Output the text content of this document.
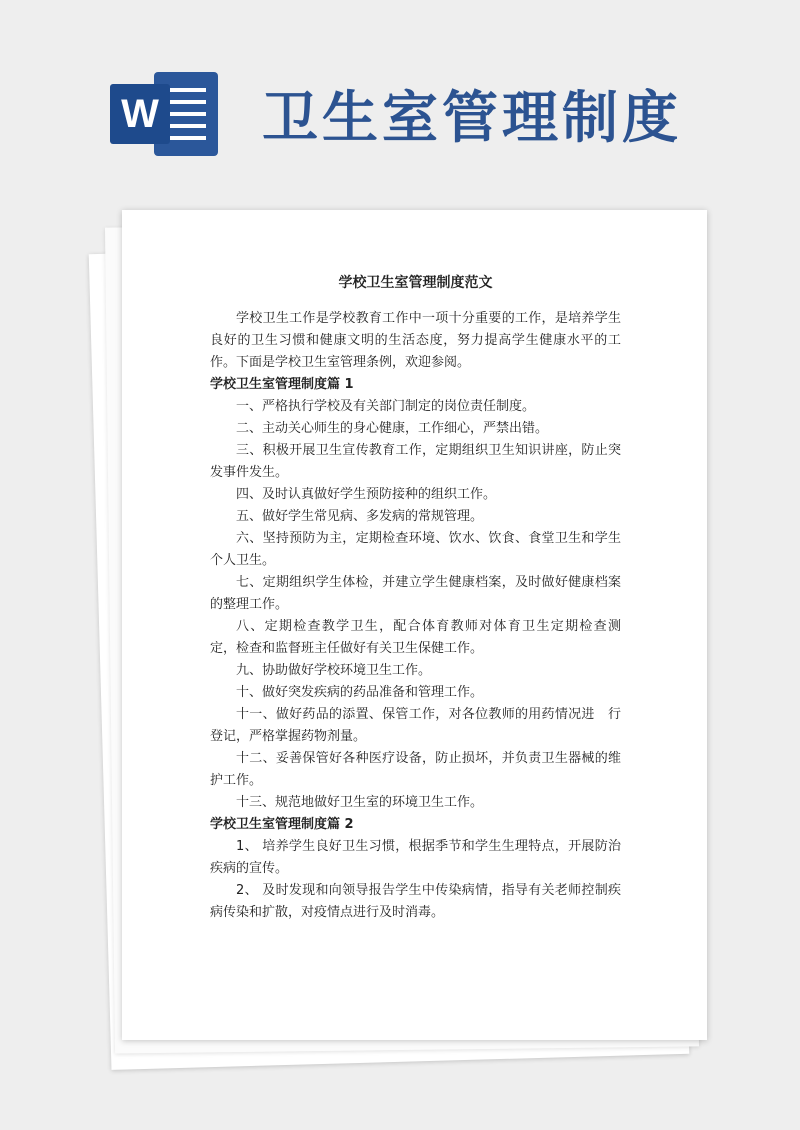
W 卫生室管理制度
学校卫生室管理制度范文

学校卫生工作是学校教育工作中一项十分重要的工作，是培养学生良好的卫生习惯和健康文明的生活态度，努力提高学生健康水平的工作。下面是学校卫生室管理条例，欢迎参阅。

学校卫生室管理制度篇 1

一、严格执行学校及有关部门制定的岗位责任制度。

二、主动关心师生的身心健康，工作细心，严禁出错。

三、积极开展卫生宣传教育工作，定期组织卫生知识讲座，防止突发事件发生。

四、及时认真做好学生预防接种的组织工作。

五、做好学生常见病、多发病的常规管理。

六、坚持预防为主，定期检查环境、饮水、饮食、食堂卫生和学生个人卫生。

七、定期组织学生体检，并建立学生健康档案，及时做好健康档案的整理工作。

八、定期检查教学卫生，配合体育教师对体育卫生定期检查测　定，检查和监督班主任做好有关卫生保健工作。

九、协助做好学校环境卫生工作。

十、做好突发疾病的药品准备和管理工作。

十一、做好药品的添置、保管工作，对各位教师的用药情况进　行登记，严格掌握药物剂量。

十二、妥善保管好各种医疗设备，防止损坏，并负责卫生器械的维护工作。

十三、规范地做好卫生室的环境卫生工作。

学校卫生室管理制度篇 2

1、 培养学生良好卫生习惯，根据季节和学生生理特点，开展防治疾病的宣传。

2、 及时发现和向领导报告学生中传染病情，指导有关老师控制疾病传染和扩散，对疫情点进行及时消毒。
